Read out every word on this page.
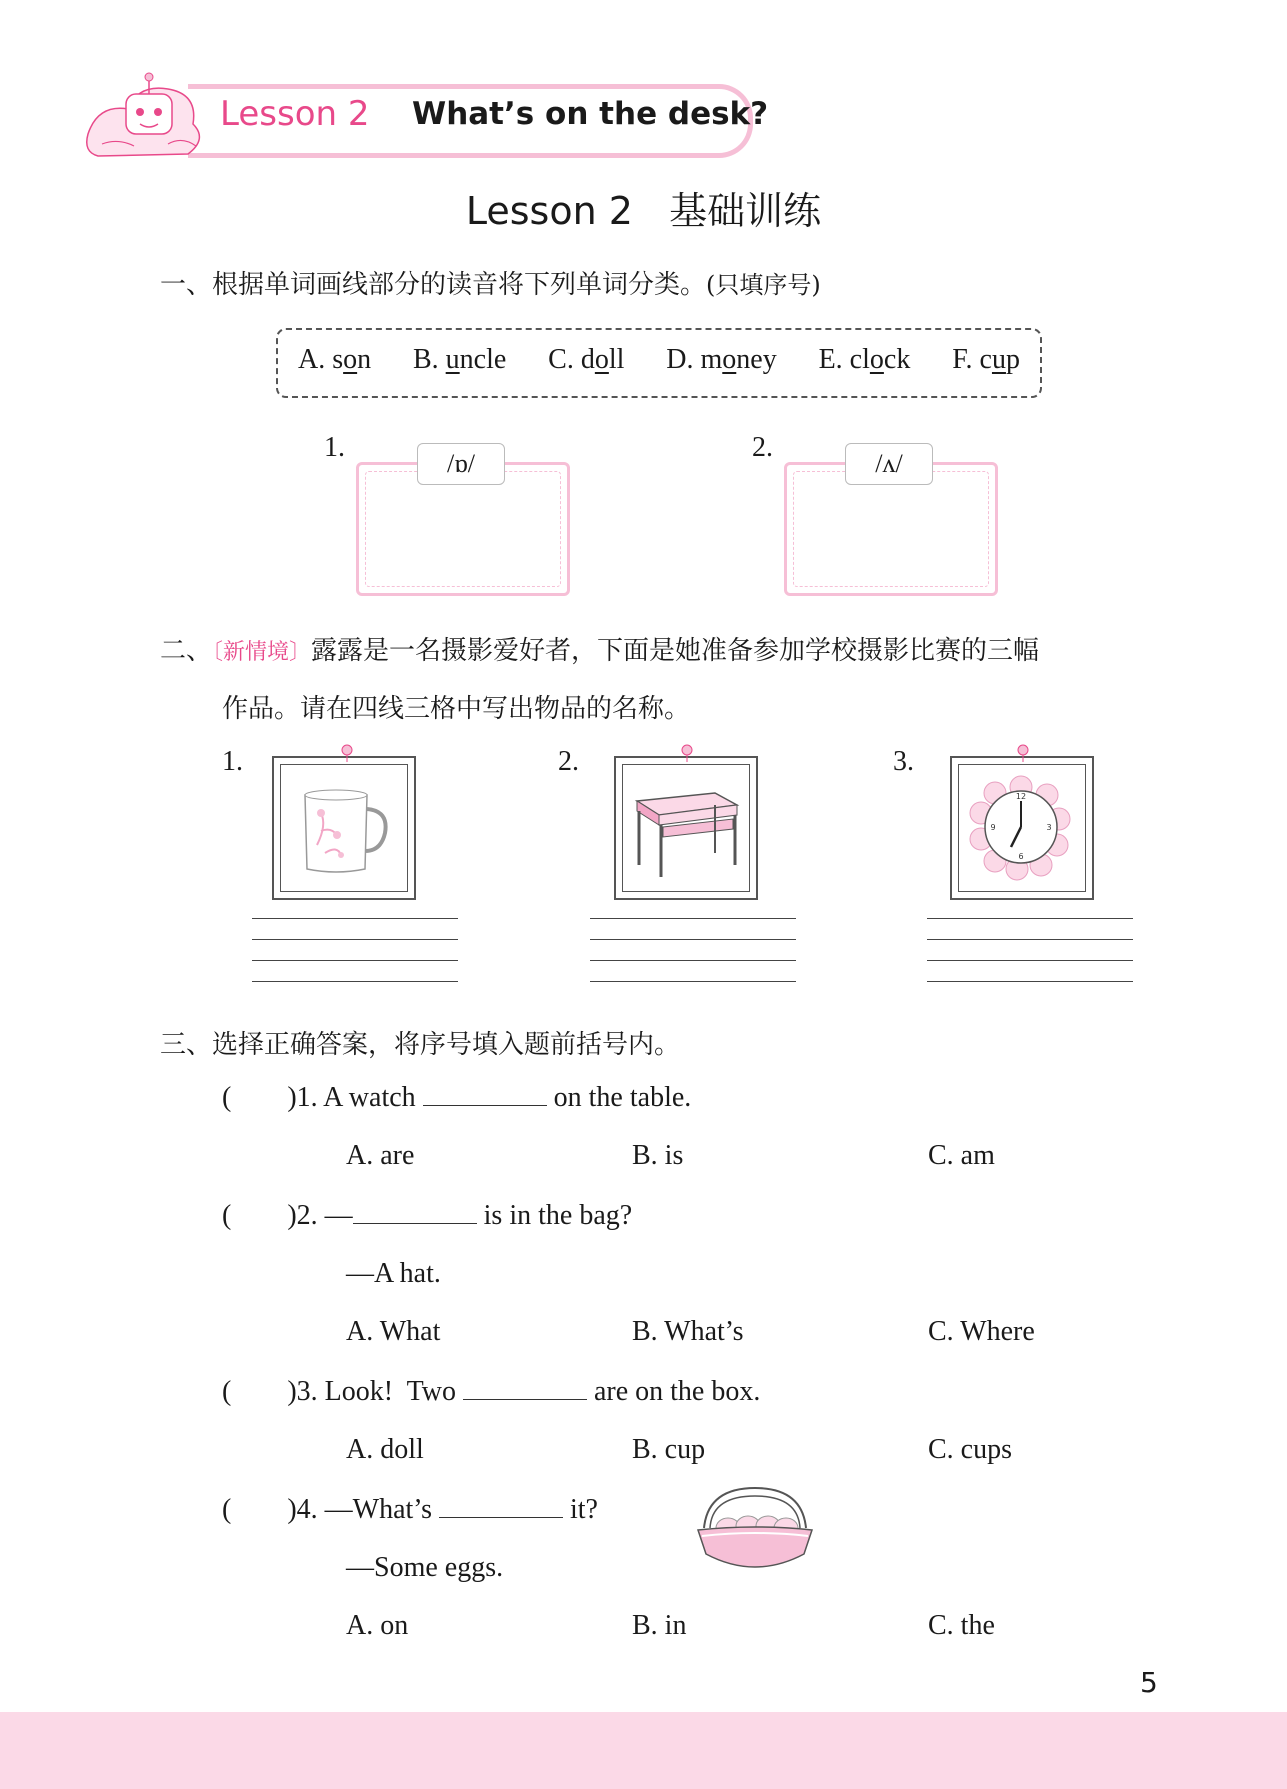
Lesson 2 What’s on the desk?
Lesson 2   基础训练
一、根据单词画线部分的读音将下列单词分类。(只填序号)
A. son B. uncle C. doll D. money E. clock F. cup
1.
/ɒ/
2.
/ʌ/
二、〔新情境〕露露是一名摄影爱好者，下面是她准备参加学校摄影比赛的三幅
作品。请在四线三格中写出物品的名称。
1.	2.	3.
12
3
6
9
三、选择正确答案，将序号填入题前括号内。
(        )1. A watch	on the table.
A. are	B. is	C. am
(        )2. —	is in the bag?
—A hat.
A. What	B. What’s	C. Where
(        )3. Look!  Two	are on the box.
A. doll	B. cup	C. cups
(        )4. —What’s	it?
—Some eggs.
A. on	B. in	C. the
5
